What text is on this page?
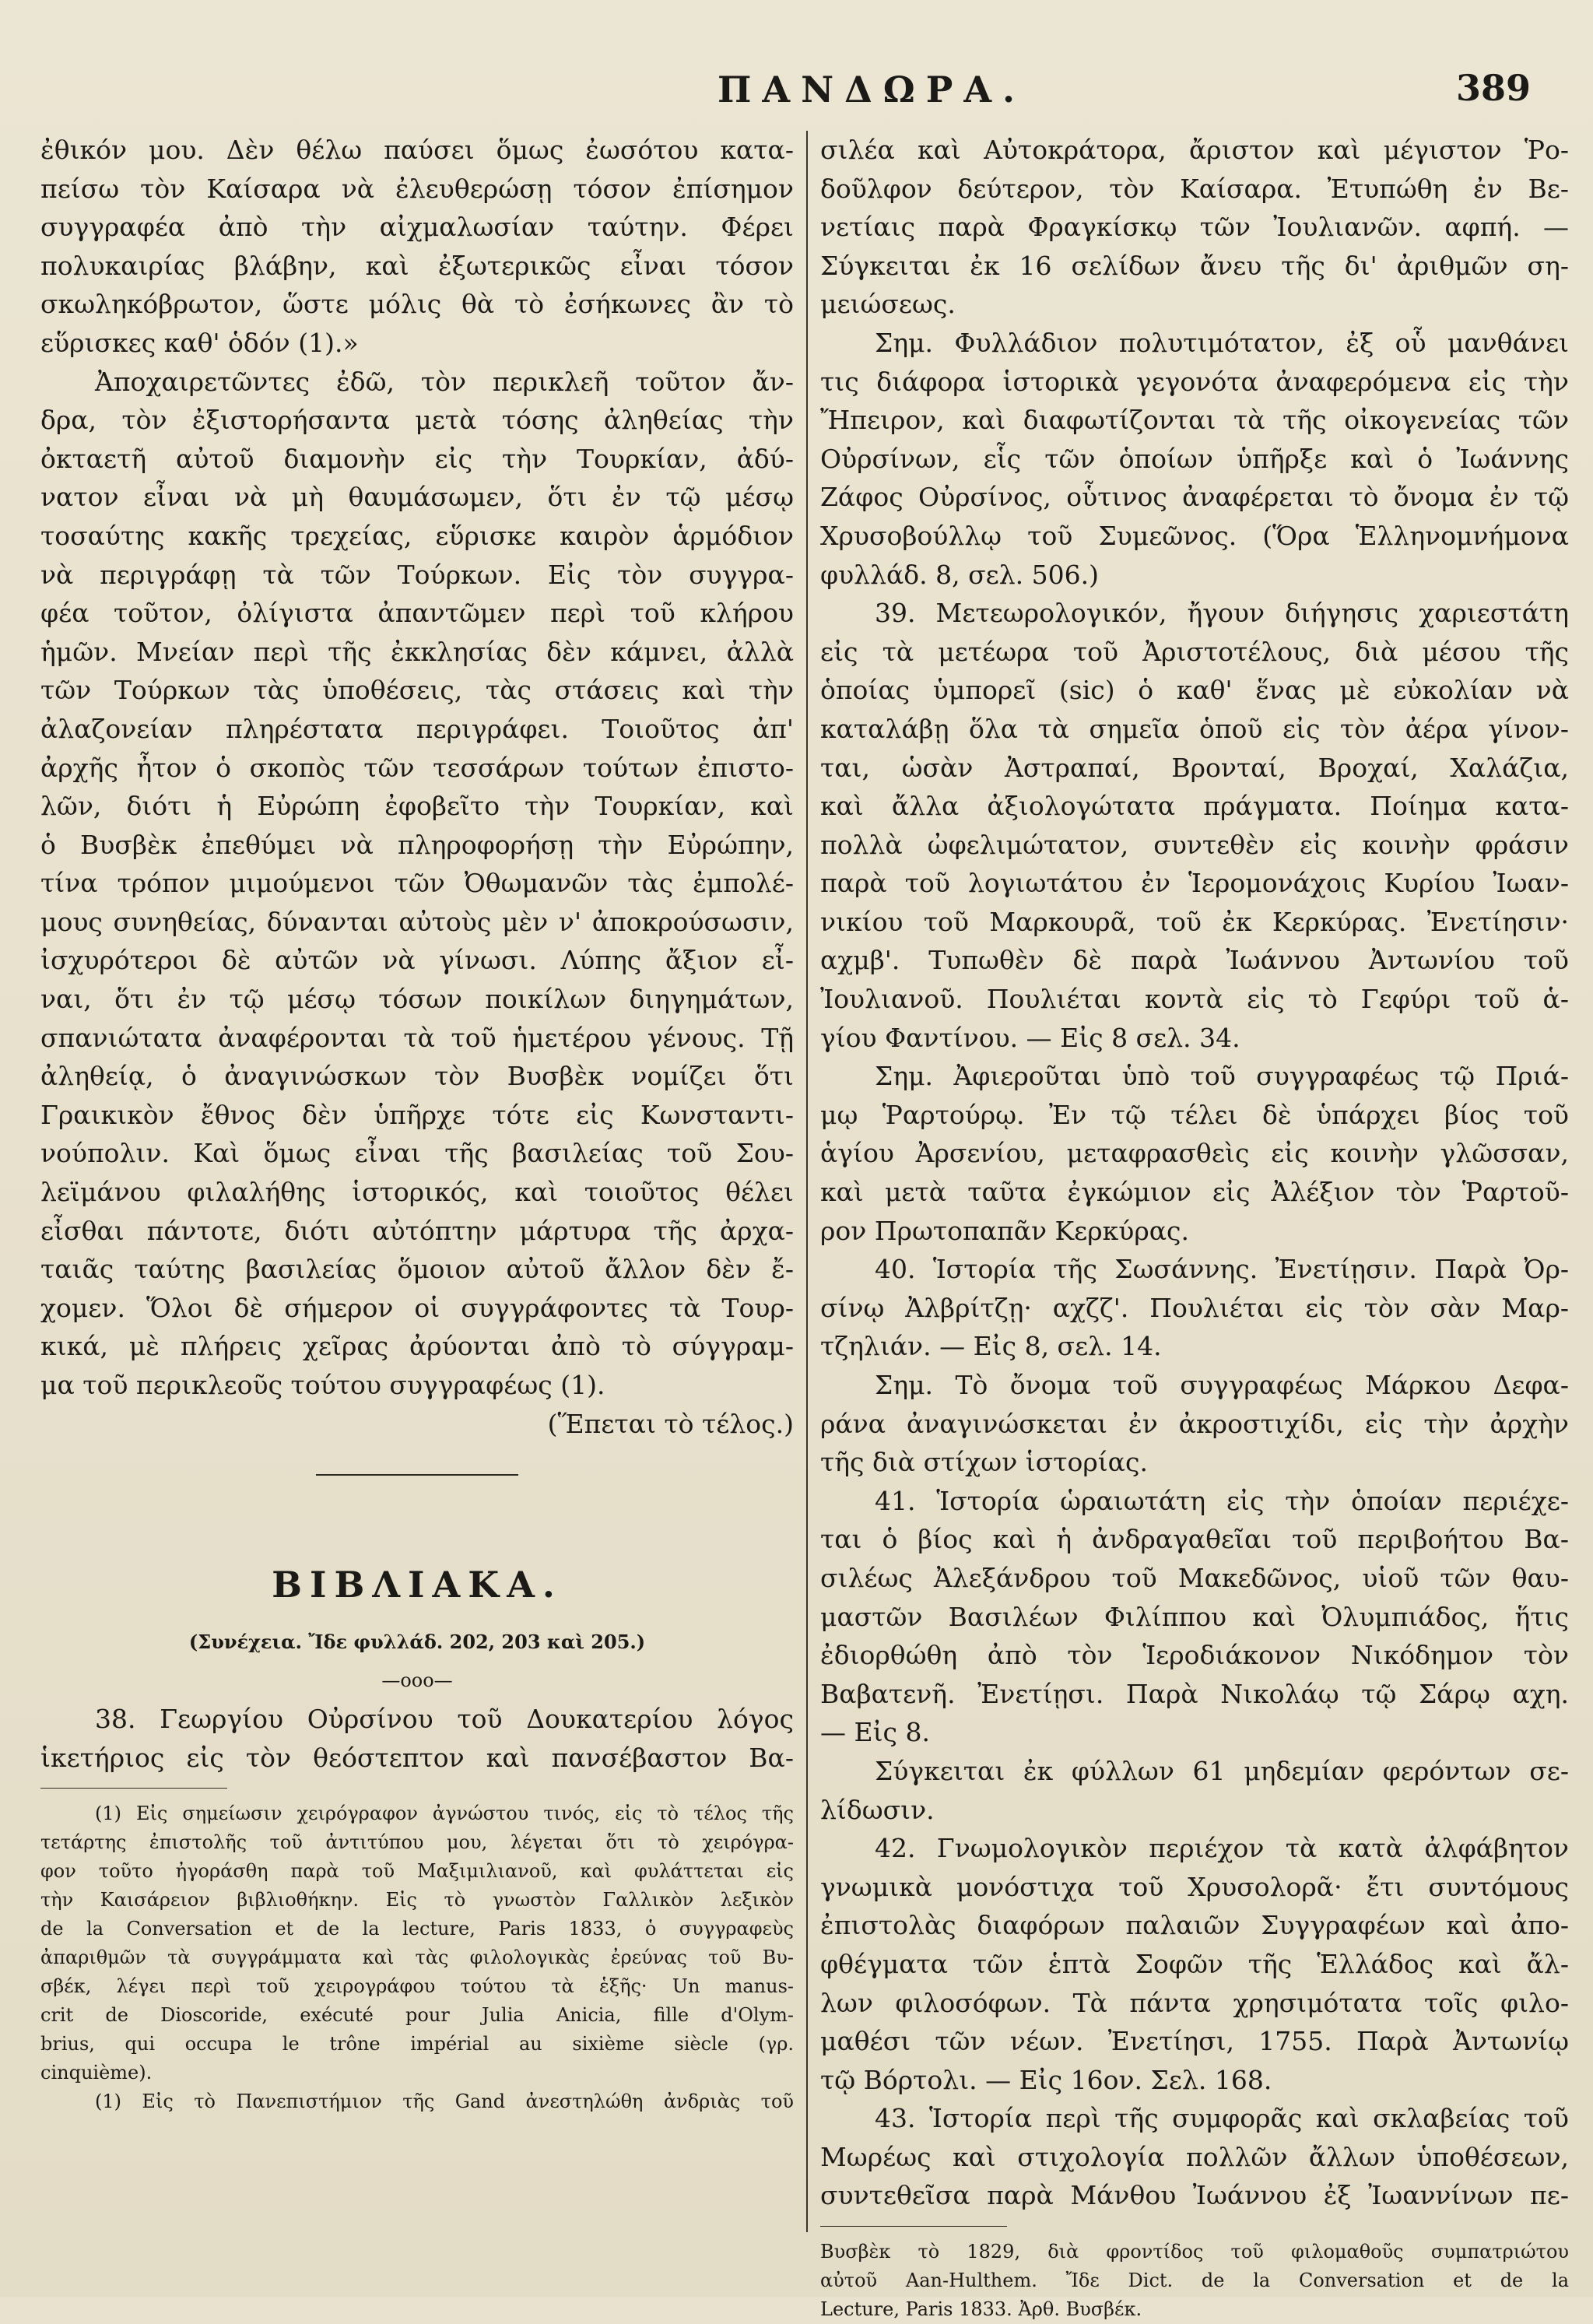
ΠΑΝΔΩΡΑ.	389
ἐθικόν μου. Δὲν θέλω παύσει ὅμως ἐωσότου κατα-
πείσω τὸν Καίσαρα νὰ ἐλευθερώσῃ τόσον ἐπίσημον
συγγραφέα ἀπὸ τὴν αἰχμαλωσίαν ταύτην. Φέρει
πολυκαιρίας βλάβην, καὶ ἐξωτερικῶς εἶναι τόσον
σκωληκόβρωτον, ὥστε μόλις θὰ τὸ ἐσήκωνες ἂν τὸ
εὕρισκες καθ' ὁδόν (1).»
Ἀποχαιρετῶντες ἐδῶ, τὸν περικλεῆ τοῦτον ἄν-
δρα, τὸν ἐξιστορήσαντα μετὰ τόσης ἀληθείας τὴν
ὀκταετῆ αὐτοῦ διαμονὴν εἰς τὴν Τουρκίαν, ἀδύ-
νατον εἶναι νὰ μὴ θαυμάσωμεν, ὅτι ἐν τῷ μέσῳ
τοσαύτης κακῆς τρεχείας, εὕρισκε καιρὸν ἁρμόδιον
νὰ περιγράφῃ τὰ τῶν Τούρκων. Εἰς τὸν συγγρα-
φέα τοῦτον, ὀλίγιστα ἀπαντῶμεν περὶ τοῦ κλήρου
ἡμῶν. Μνείαν περὶ τῆς ἐκκλησίας δὲν κάμνει, ἀλλὰ
τῶν Τούρκων τὰς ὑποθέσεις, τὰς στάσεις καὶ τὴν
ἀλαζονείαν πληρέστατα περιγράφει. Τοιοῦτος ἀπ'
ἀρχῆς ἦτον ὁ σκοπὸς τῶν τεσσάρων τούτων ἐπιστο-
λῶν, διότι ἡ Εὐρώπη ἐφοβεῖτο τὴν Τουρκίαν, καὶ
ὁ Βυσβὲκ ἐπεθύμει νὰ πληροφορήσῃ τὴν Εὐρώπην,
τίνα τρόπον μιμούμενοι τῶν Ὀθωμανῶν τὰς ἐμπολέ-
μους συνηθείας, δύνανται αὐτοὺς μὲν ν' ἀποκρούσωσιν,
ἰσχυρότεροι δὲ αὐτῶν νὰ γίνωσι. Λύπης ἄξιον εἶ-
ναι, ὅτι ἐν τῷ μέσῳ τόσων ποικίλων διηγημάτων,
σπανιώτατα ἀναφέρονται τὰ τοῦ ἡμετέρου γένους. Τῇ
ἀληθείᾳ, ὁ ἀναγινώσκων τὸν Βυσβὲκ νομίζει ὅτι
Γραικικὸν ἔθνος δὲν ὑπῆρχε τότε εἰς Κωνσταντι-
νούπολιν. Καὶ ὅμως εἶναι τῆς βασιλείας τοῦ Σου-
λεϊμάνου φιλαλήθης ἱστορικός, καὶ τοιοῦτος θέλει
εἶσθαι πάντοτε, διότι αὐτόπτην μάρτυρα τῆς ἀρχα-
ταιᾶς ταύτης βασιλείας ὅμοιον αὐτοῦ ἄλλον δὲν ἔ-
χομεν. Ὅλοι δὲ σήμερον οἱ συγγράφοντες τὰ Τουρ-
κικά, μὲ πλήρεις χεῖρας ἀρύονται ἀπὸ τὸ σύγγραμ-
μα τοῦ περικλεοῦς τούτου συγγραφέως (1).
(Ἕπεται τὸ τέλος.)
ΒΙΒΛΙΑΚΑ.
(Συνέχεια. Ἴδε φυλλάδ. 202, 203 καὶ 205.)
—ooo—
38. Γεωργίου Οὐρσίνου τοῦ Δουκατερίου λόγος
ἱκετήριος εἰς τὸν θεόστεπτον καὶ πανσέβαστον Βα-
(1) Εἰς σημείωσιν χειρόγραφον ἀγνώστου τινός, εἰς τὸ τέλος τῆς
τετάρτης ἐπιστολῆς τοῦ ἀντιτύπου μου, λέγεται ὅτι τὸ χειρόγρα-
φον τοῦτο ἠγοράσθη παρὰ τοῦ Μαξιμιλιανοῦ, καὶ φυλάττεται εἰς
τὴν Καισάρειον βιβλιοθήκην. Εἰς τὸ γνωστὸν Γαλλικὸν λεξικὸν
de la Conversation et de la lecture, Paris 1833, ὁ συγγραφεὺς
ἀπαριθμῶν τὰ συγγράμματα καὶ τὰς φιλολογικὰς ἐρεύνας τοῦ Βυ-
σβέκ, λέγει περὶ τοῦ χειρογράφου τούτου τὰ ἑξῆς· Un manus-
crit de Dioscoride, exécuté pour Julia Anicia, fille d'Olym-
brius, qui occupa le trône impérial au sixième siècle (γρ.
cinquième).
(1) Εἰς τὸ Πανεπιστήμιον τῆς Gand ἀνεστηλώθη ἀνδριὰς τοῦ
σιλέα καὶ Αὐτοκράτορα, ἄριστον καὶ μέγιστον Ῥο-
δοῦλφον δεύτερον, τὸν Καίσαρα. Ἐτυπώθη ἐν Βε-
νετίαις παρὰ Φραγκίσκῳ τῶν Ἰουλιανῶν. αφπή. —
Σύγκειται ἐκ 16 σελίδων ἄνευ τῆς δι' ἀριθμῶν ση-
μειώσεως.
Σημ. Φυλλάδιον πολυτιμότατον, ἐξ οὗ μανθάνει
τις διάφορα ἱστορικὰ γεγονότα ἀναφερόμενα εἰς τὴν
Ἤπειρον, καὶ διαφωτίζονται τὰ τῆς οἰκογενείας τῶν
Οὐρσίνων, εἷς τῶν ὁποίων ὑπῆρξε καὶ ὁ Ἰωάννης
Ζάφος Οὐρσίνος, οὗτινος ἀναφέρεται τὸ ὄνομα ἐν τῷ
Χρυσοβούλλῳ τοῦ Συμεῶνος. (Ὅρα Ἑλληνομνήμονα
φυλλάδ. 8, σελ. 506.)
39. Μετεωρολογικόν, ἤγουν διήγησις χαριεστάτη
εἰς τὰ μετέωρα τοῦ Ἀριστοτέλους, διὰ μέσου τῆς
ὁποίας ὑμπορεῖ (sic) ὁ καθ' ἕνας μὲ εὐκολίαν νὰ
καταλάβῃ ὅλα τὰ σημεῖα ὁποῦ εἰς τὸν ἀέρα γίνον-
ται, ὡσὰν Ἀστραπαί, Βρονταί, Βροχαί, Χαλάζια,
καὶ ἄλλα ἀξιολογώτατα πράγματα. Ποίημα κατα-
πολλὰ ὠφελιμώτατον, συντεθὲν εἰς κοινὴν φράσιν
παρὰ τοῦ λογιωτάτου ἐν Ἱερομονάχοις Κυρίου Ἰωαν-
νικίου τοῦ Μαρκουρᾶ, τοῦ ἐκ Κερκύρας. Ἐνετίησιν·
αχμβ'. Τυπωθὲν δὲ παρὰ Ἰωάννου Ἀντωνίου τοῦ
Ἰουλιανοῦ. Πουλιέται κοντὰ εἰς τὸ Γεφύρι τοῦ ἁ-
γίου Φαντίνου. — Εἰς 8 σελ. 34.
Σημ. Ἀφιεροῦται ὑπὸ τοῦ συγγραφέως τῷ Πριά-
μῳ Ῥαρτούρῳ. Ἐν τῷ τέλει δὲ ὑπάρχει βίος τοῦ
ἁγίου Ἀρσενίου, μεταφρασθεὶς εἰς κοινὴν γλῶσσαν,
καὶ μετὰ ταῦτα ἐγκώμιον εἰς Ἀλέξιον τὸν Ῥαρτοῦ-
ρον Πρωτοπαπᾶν Κερκύρας.
40. Ἱστορία τῆς Σωσάννης. Ἐνετίῃσιν. Παρὰ Ὀρ-
σίνῳ Ἀλβρίτζῃ· αχζζ'. Πουλιέται εἰς τὸν σὰν Μαρ-
τζηλιάν. — Εἰς 8, σελ. 14.
Σημ. Τὸ ὄνομα τοῦ συγγραφέως Μάρκου Δεφα-
ράνα ἀναγινώσκεται ἐν ἀκροστιχίδι, εἰς τὴν ἀρχὴν
τῆς διὰ στίχων ἱστορίας.
41. Ἱστορία ὡραιωτάτη εἰς τὴν ὁποίαν περιέχε-
ται ὁ βίος καὶ ἡ ἀνδραγαθεῖαι τοῦ περιβοήτου Βα-
σιλέως Ἀλεξάνδρου τοῦ Μακεδῶνος, υἱοῦ τῶν θαυ-
μαστῶν Βασιλέων Φιλίππου καὶ Ὀλυμπιάδος, ἥτις
ἐδιορθώθη ἀπὸ τὸν Ἱεροδιάκονον Νικόδημον τὸν
Βαβατενῆ. Ἐνετίῃσι. Παρὰ Νικολάῳ τῷ Σάρῳ αχη.
— Εἰς 8.
Σύγκειται ἐκ φύλλων 61 μηδεμίαν φερόντων σε-
λίδωσιν.
42. Γνωμολογικὸν περιέχον τὰ κατὰ ἀλφάβητον
γνωμικὰ μονόστιχα τοῦ Χρυσολορᾶ· ἔτι συντόμους
ἐπιστολὰς διαφόρων παλαιῶν Συγγραφέων καὶ ἀπο-
φθέγματα τῶν ἑπτὰ Σοφῶν τῆς Ἑλλάδος καὶ ἄλ-
λων φιλοσόφων. Τὰ πάντα χρησιμότατα τοῖς φιλο-
μαθέσι τῶν νέων. Ἐνετίησι, 1755. Παρὰ Ἀντωνίῳ
τῷ Βόρτολι. — Εἰς 16ον. Σελ. 168.
43. Ἱστορία περὶ τῆς συμφορᾶς καὶ σκλαβείας τοῦ
Μωρέως καὶ στιχολογία πολλῶν ἄλλων ὑποθέσεων,
συντεθεῖσα παρὰ Μάνθου Ἰωάννου ἐξ Ἰωαννίνων πε-
Βυσβὲκ τὸ 1829, διὰ φροντίδος τοῦ φιλομαθοῦς συμπατριώτου
αὐτοῦ Aan-Hulthem. Ἴδε Dict. de la Conversation et de la
Lecture, Paris 1833. Ἀρθ. Βυσβέκ.
